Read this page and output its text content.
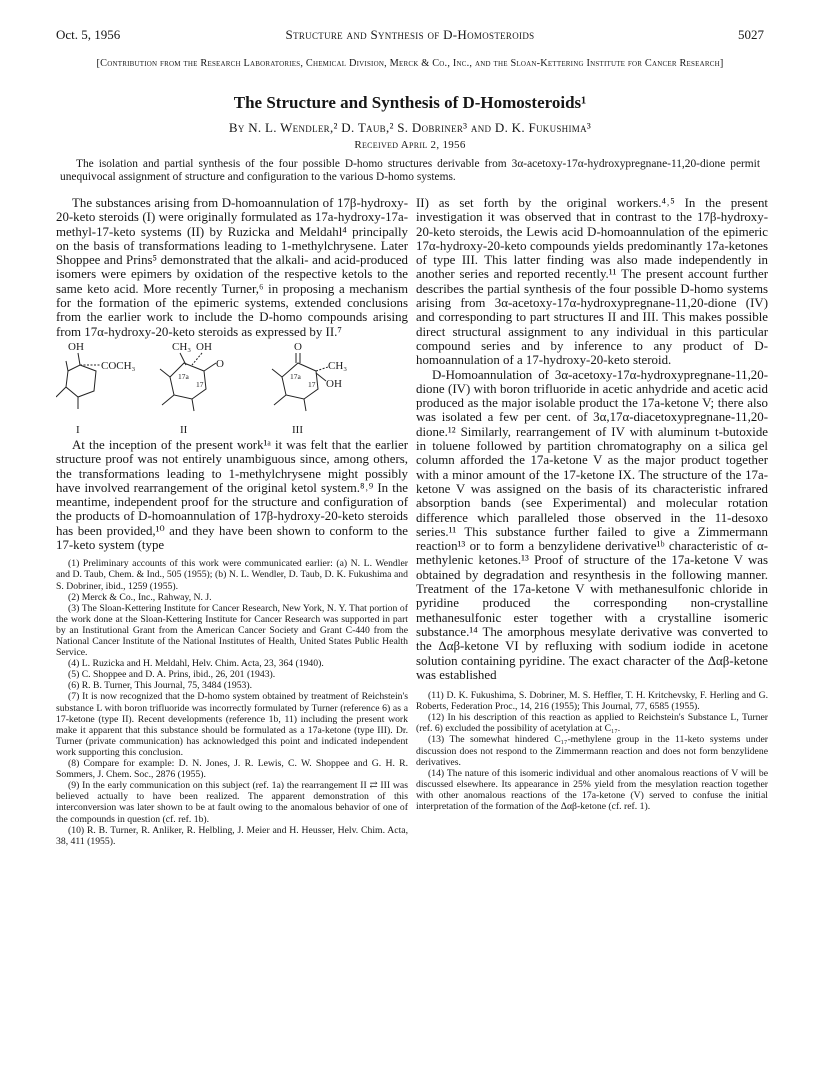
Oct. 5, 1956	Structure and Synthesis of D-Homosteroids	5027
[Contribution from the Research Laboratories, Chemical Division, Merck & Co., Inc., and the Sloan-Kettering Institute for Cancer Research]
The Structure and Synthesis of D-Homosteroids¹
By N. L. Wendler,² D. Taub,² S. Dobriner³ and D. K. Fukushima³
Received April 2, 1956
The isolation and partial synthesis of the four possible D-homo structures derivable from 3α-acetoxy-17α-hydroxypregnane-11,20-dione permit unequivocal assignment of structure and configuration to the various D-homo systems.

The substances arising from D-homoannulation of 17β-hydroxy-20-keto steroids (I) were originally formulated as 17a-hydroxy-17a-methyl-17-keto systems (II) by Ruzicka and Meldahl⁴ principally on the basis of transformations leading to 1-methylchrysene. Later Shoppee and Prins⁵ demonstrated that the alkali- and acid-produced isomers were epimers by oxidation of the respective ketols to the same keto acid. More recently Turner,⁶ in proposing a mechanism for the formation of the epimeric systems, extended conclusions from the earlier work to include the D-homo compounds arising from 17α-hydroxy-20-keto steroids as expressed by II.⁷

OH
COCH₃
I
CH₃ OH
O
17a
17
II
O
CH₃
OH
17a
17
III

At the inception of the present work¹ᵃ it was felt that the earlier structure proof was not entirely unambiguous since, among others, the transformations leading to 1-methylchrysene might possibly have involved rearrangement of the original ketol system.⁸˒⁹ In the meantime, independent proof for the structure and configuration of the products of D-homoannulation of 17β-hydroxy-20-keto steroids has been provided,¹⁰ and they have been shown to conform to the 17-keto system (type

(1) Preliminary accounts of this work were communicated earlier: (a) N. L. Wendler and D. Taub, Chem. & Ind., 505 (1955); (b) N. L. Wendler, D. Taub, D. K. Fukushima and S. Dobriner, ibid., 1259 (1955).

(2) Merck & Co., Inc., Rahway, N. J.

(3) The Sloan-Kettering Institute for Cancer Research, New York, N. Y. That portion of the work done at the Sloan-Kettering Institute for Cancer Research was supported in part by an Institutional Grant from the American Cancer Society and Grant C-440 from the National Cancer Institute of the National Institutes of Health, United States Public Health Service.

(4) L. Ruzicka and H. Meldahl, Helv. Chim. Acta, 23, 364 (1940).

(5) C. Shoppee and D. A. Prins, ibid., 26, 201 (1943).

(6) R. B. Turner, This Journal, 75, 3484 (1953).

(7) It is now recognized that the D-homo system obtained by treatment of Reichstein's substance L with boron trifluoride was incorrectly formulated by Turner (reference 6) as a 17-ketone (type II). Recent developments (reference 1b, 11) including the present work make it apparent that this substance should be formulated as a 17a-ketone (type III). Dr. Turner (private communication) has acknowledged this point and indicated independent work supporting this conclusion.

(8) Compare for example: D. N. Jones, J. R. Lewis, C. W. Shoppee and G. H. R. Sommers, J. Chem. Soc., 2876 (1955).

(9) In the early communication on this subject (ref. 1a) the rearrangement II ⇄ III was believed actually to have been realized. The apparent demonstration of this interconversion was later shown to be at fault owing to the anomalous behavior of one of the compounds in question (cf. ref. 1b).

(10) R. B. Turner, R. Anliker, R. Helbling, J. Meier and H. Heusser, Helv. Chim. Acta, 38, 411 (1955).

II) as set forth by the original workers.⁴˒⁵ In the present investigation it was observed that in contrast to the 17β-hydroxy-20-keto steroids, the Lewis acid D-homoannulation of the epimeric 17α-hydroxy-20-keto compounds yields predominantly 17a-ketones of type III. This latter finding was also made independently in another series and reported recently.¹¹ The present account further describes the partial synthesis of the four possible D-homo systems arising from 3α-acetoxy-17α-hydroxypregnane-11,20-dione (IV) and corresponding to part structures II and III. This makes possible direct structural assignment to any individual in this particular compound series and by inference to any product of D-homoannulation of a 17-hydroxy-20-keto steroid.

D-Homoannulation of 3α-acetoxy-17α-hydroxypregnane-11,20-dione (IV) with boron trifluoride in acetic anhydride and acetic acid produced as the major isolable product the 17a-ketone V; there also was isolated a few per cent. of 3α,17α-diacetoxypregnane-11,20-dione.¹² Similarly, rearrangement of IV with aluminum t-butoxide in toluene followed by partition chromatography on a silica gel column afforded the 17a-ketone V as the major product together with a minor amount of the 17-ketone IX. The structure of the 17a-ketone V was assigned on the basis of its characteristic infrared absorption bands (see Experimental) and molecular rotation difference which paralleled those observed in the 11-desoxo series.¹¹ This substance further failed to give a Zimmermann reaction¹³ or to form a benzylidene derivative¹ᵇ characteristic of α-methylenic ketones.¹³ Proof of structure of the 17a-ketone V was obtained by degradation and resynthesis in the following manner. Treatment of the 17a-ketone V with methanesulfonic chloride in pyridine produced the corresponding non-crystalline methanesulfonic ester together with a crystalline isomeric substance.¹⁴ The amorphous mesylate derivative was converted to the Δαβ-ketone VI by refluxing with sodium iodide in acetone solution containing pyridine. The exact character of the Δαβ-ketone was established

(11) D. K. Fukushima, S. Dobriner, M. S. Heffler, T. H. Kritchevsky, F. Herling and G. Roberts, Federation Proc., 14, 216 (1955); This Journal, 77, 6585 (1955).

(12) In his description of this reaction as applied to Reichstein's Substance L, Turner (ref. 6) excluded the possibility of acetylation at C₁₇.

(13) The somewhat hindered C₁₇-methylene group in the 11-keto systems under discussion does not respond to the Zimmermann reaction and does not form benzylidene derivatives.

(14) The nature of this isomeric individual and other anomalous reactions of V will be discussed elsewhere. Its appearance in 25% yield from the mesylation reaction together with other anomalous reactions of the 17a-ketone (V) served to confuse the initial interpretation of the formation of the Δαβ-ketone (cf. ref. 1).
